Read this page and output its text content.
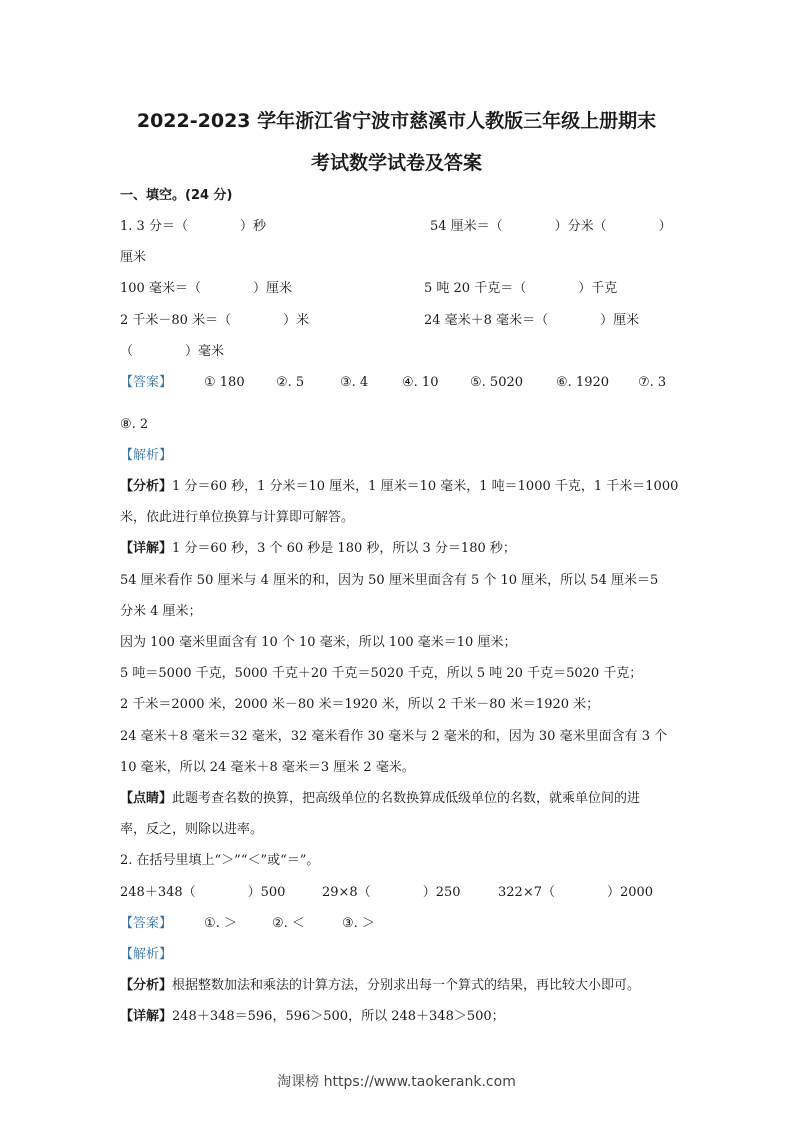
2022-2023 学年浙江省宁波市慈溪市人教版三年级上册期末
考试数学试卷及答案
一、填空。(24 分)
1. 3 分＝（　　　　）秒	54 厘米＝（　　　　）分米（　　　　）
厘米
100 毫米＝（　　　　）厘米	5 吨 20 千克＝（　　　　）千克
2 千米－80 米＝（　　　　）米	24 毫米＋8 毫米＝（　　　　）厘米
（　　　　）毫米
【答案】 ① 180 ②. 5	③. 4	④. 10 ⑤. 5020	⑥. 1920 ⑦. 3
⑧. 2
【解析】
【分析】1 分＝60 秒，1 分米＝10 厘米，1 厘米＝10 毫米，1 吨＝1000 千克，1 千米＝1000
米，依此进行单位换算与计算即可解答。
【详解】1 分＝60 秒，3 个 60 秒是 180 秒，所以 3 分＝180 秒；
54 厘米看作 50 厘米与 4 厘米的和，因为 50 厘米里面含有 5 个 10 厘米，所以 54 厘米＝5
分米 4 厘米；
因为 100 毫米里面含有 10 个 10 毫米，所以 100 毫米＝10 厘米；
5 吨＝5000 千克，5000 千克＋20 千克＝5020 千克，所以 5 吨 20 千克＝5020 千克；
2 千米＝2000 米，2000 米－80 米＝1920 米，所以 2 千米－80 米＝1920 米；
24 毫米＋8 毫米＝32 毫米，32 毫米看作 30 毫米与 2 毫米的和，因为 30 毫米里面含有 3 个
10 毫米，所以 24 毫米＋8 毫米＝3 厘米 2 毫米。
【点睛】此题考查名数的换算，把高级单位的名数换算成低级单位的名数，就乘单位间的进
率，反之，则除以进率。
2. 在括号里填上“＞”“＜”或“＝”。
248＋348（　　　　）500	29×8（　　　　）250	322×7（　　　　）2000
【答案】 ①. ＞	②. ＜	③. ＞
【解析】
【分析】根据整数加法和乘法的计算方法，分别求出每一个算式的结果，再比较大小即可。
【详解】248＋348＝596，596＞500，所以 248＋348＞500；
淘课榜 https://www.taokerank.com
